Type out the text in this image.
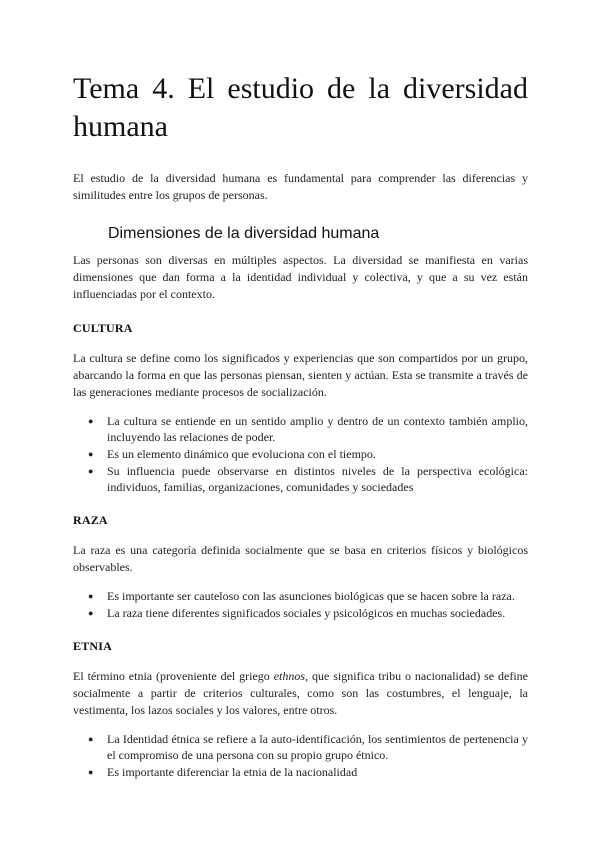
Tema 4. El estudio de la diversidad
humana

El estudio de la diversidad humana es fundamental para comprender las diferencias y similitudes entre los grupos de personas.

Dimensiones de la diversidad humana

Las personas son diversas en múltiples aspectos. La diversidad se manifiesta en varias dimensiones que dan forma a la identidad individual y colectiva, y que a su vez están influenciadas por el contexto.

CULTURA

La cultura se define como los significados y experiencias que son compartidos por un grupo, abarcando la forma en que las personas piensan, sienten y actúan. Esta se transmite a través de las generaciones mediante procesos de socialización.

● La cultura se entiende en un sentido amplio y dentro de un contexto también amplio, incluyendo las relaciones de poder.
● Es un elemento dinámico que evoluciona con el tiempo.
● Su influencia puede observarse en distintos niveles de la perspectiva ecológica: individuos, familias, organizaciones, comunidades y sociedades
RAZA

La raza es una categoría definida socialmente que se basa en criterios físicos y biológicos observables.

● Es importante ser cauteloso con las asunciones biológicas que se hacen sobre la raza.
● La raza tiene diferentes significados sociales y psicológicos en muchas sociedades.
ETNIA

El término etnia (proveniente del griego ethnos, que significa tribu o nacionalidad) se define socialmente a partir de criterios culturales, como son las costumbres, el lenguaje, la vestimenta, los lazos sociales y los valores, entre otros.

● La Identidad étnica se refiere a la auto-identificación, los sentimientos de pertenencia y el compromiso de una persona con su propio grupo étnico.
● Es importante diferenciar la etnia de la nacionalidad
